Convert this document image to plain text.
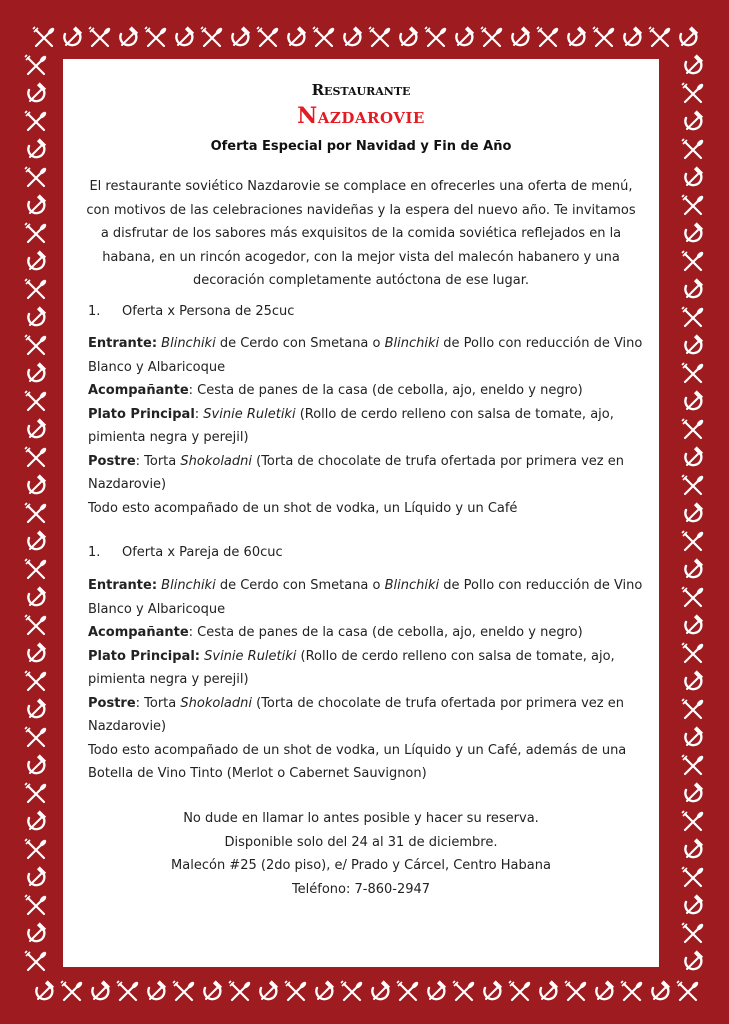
Restaurante
Nazdarovie
Oferta Especial por Navidad y Fin de Año
El restaurante soviético Nazdarovie se complace en ofrecerles una oferta de menú, con motivos de las celebraciones navideñas y la espera del nuevo año. Te invitamos a disfrutar de los sabores más exquisitos de la comida soviética reflejados en la habana, en un rincón acogedor, con la mejor vista del malecón habanero y una decoración completamente autóctona de ese lugar.
1. Oferta x Persona de 25cuc

Entrante: Blinchiki de Cerdo con Smetana o Blinchiki de Pollo con reducción de Vino Blanco y Albaricoque

Acompañante: Cesta de panes de la casa (de cebolla, ajo, eneldo y negro)

Plato Principal: Svinie Ruletiki (Rollo de cerdo relleno con salsa de tomate, ajo, pimienta negra y perejil)

Postre: Torta Shokoladni (Torta de chocolate de trufa ofertada por primera vez en Nazdarovie)

Todo esto acompañado de un shot de vodka, un Líquido y un Café

1. Oferta x Pareja de 60cuc

Entrante: Blinchiki de Cerdo con Smetana o Blinchiki de Pollo con reducción de Vino Blanco y Albaricoque

Acompañante: Cesta de panes de la casa (de cebolla, ajo, eneldo y negro)

Plato Principal: Svinie Ruletiki (Rollo de cerdo relleno con salsa de tomate, ajo, pimienta negra y perejil)

Postre: Torta Shokoladni (Torta de chocolate de trufa ofertada por primera vez en Nazdarovie)

Todo esto acompañado de un shot de vodka, un Líquido y un Café, además de una Botella de Vino Tinto (Merlot o Cabernet Sauvignon)

No dude en llamar lo antes posible y hacer su reserva.
Disponible solo del 24 al 31 de diciembre.
Malecón #25 (2do piso), e/ Prado y Cárcel, Centro Habana
Teléfono: 7-860-2947
